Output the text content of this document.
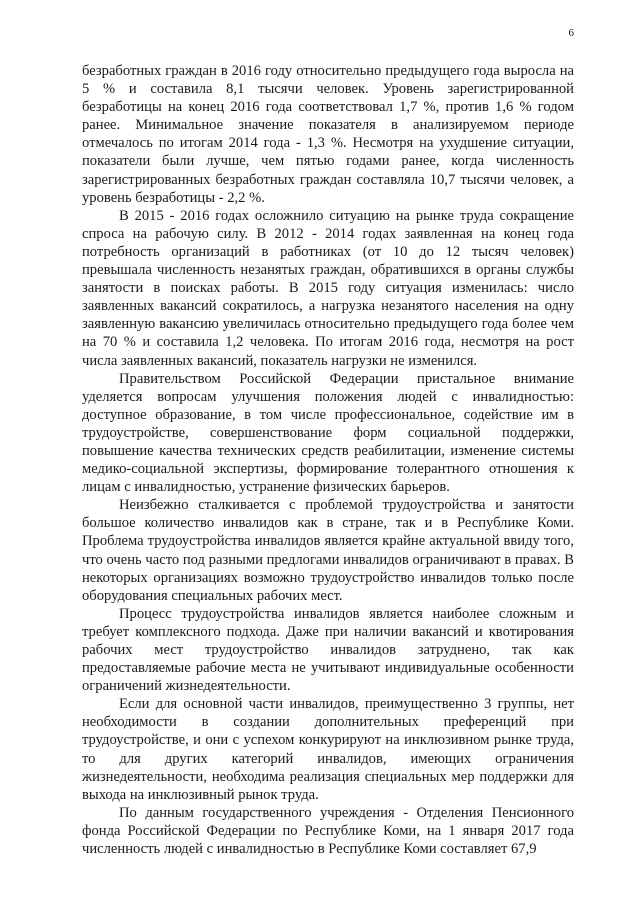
6

безработных граждан в 2016 году относительно предыдущего года выросла на 5 % и составила 8,1 тысячи человек. Уровень зарегистрированной безработицы на конец 2016 года соответствовал 1,7 %, против 1,6 % годом ранее. Минимальное значение показателя в анализируемом периоде отмечалось по итогам 2014 года - 1,3 %. Несмотря на ухудшение ситуации, показатели были лучше, чем пятью годами ранее, когда численность зарегистрированных безработных граждан составляла 10,7 тысячи человек, а уровень безработицы - 2,2 %.

В 2015 - 2016 годах осложнило ситуацию на рынке труда сокращение спроса на рабочую силу. В 2012 - 2014 годах заявленная на конец года потребность организаций в работниках (от 10 до 12 тысяч человек) превышала численность незанятых граждан, обратившихся в органы службы занятости в поисках работы. В 2015 году ситуация изменилась: число заявленных вакансий сократилось, а нагрузка незанятого населения на одну заявленную вакансию увеличилась относительно предыдущего года более чем на 70 % и составила 1,2 человека. По итогам 2016 года, несмотря на рост числа заявленных вакансий, показатель нагрузки не изменился.

Правительством Российской Федерации пристальное внимание уделяется вопросам улучшения положения людей с инвалидностью: доступное образование, в том числе профессиональное, содействие им в трудоустройстве, совершенствование форм социальной поддержки, повышение качества технических средств реабилитации, изменение системы медико-социальной экспертизы, формирование толерантного отношения к лицам с инвалидностью, устранение физических барьеров.

Неизбежно сталкивается с проблемой трудоустройства и занятости большое количество инвалидов как в стране, так и в Республике Коми. Проблема трудоустройства инвалидов является крайне актуальной ввиду того, что очень часто под разными предлогами инвалидов ограничивают в правах. В некоторых организациях возможно трудоустройство инвалидов только после оборудования специальных рабочих мест.

Процесс трудоустройства инвалидов является наиболее сложным и требует комплексного подхода. Даже при наличии вакансий и квотирования рабочих мест трудоустройство инвалидов затруднено, так как предоставляемые рабочие места не учитывают индивидуальные особенности ограничений жизнедеятельности.

Если для основной части инвалидов, преимущественно 3 группы, нет необходимости в создании дополнительных преференций при трудоустройстве, и они с успехом конкурируют на инклюзивном рынке труда, то для других категорий инвалидов, имеющих ограничения жизнедеятельности, необходима реализация специальных мер поддержки для выхода на инклюзивный рынок труда.

По данным государственного учреждения - Отделения Пенсионного фонда Российской Федерации по Республике Коми, на 1 января 2017 года численность людей с инвалидностью в Республике Коми составляет 67,9
